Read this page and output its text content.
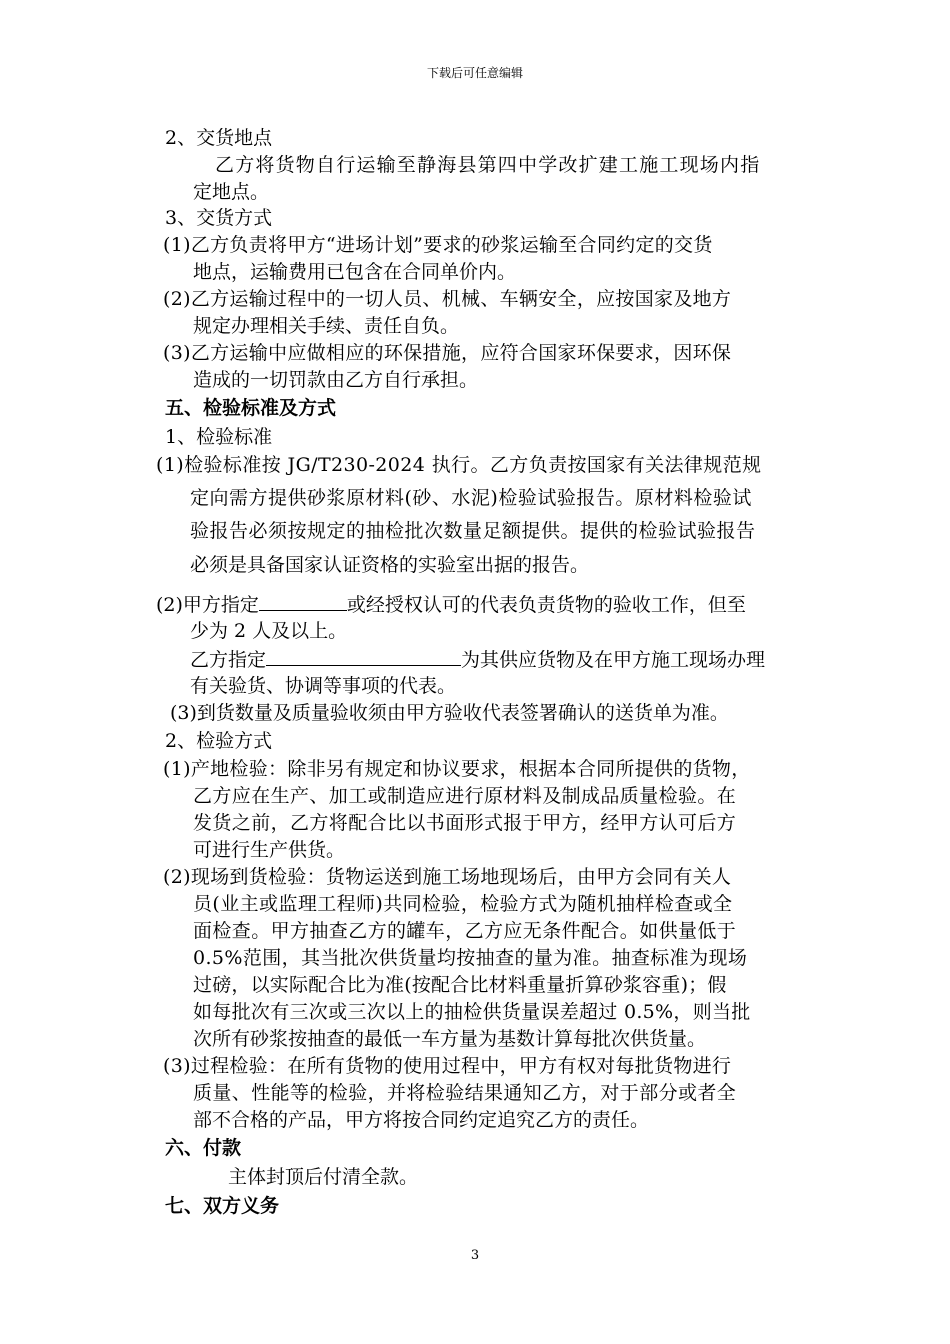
下载后可任意编辑
2、交货地点
乙方将货物自行运输至静海县第四中学改扩建工施工现场内指
定地点。
3、交货方式
(1)乙方负责将甲方“进场计划”要求的砂浆运输至合同约定的交货
地点，运输费用已包含在合同单价内。
(2)乙方运输过程中的一切人员、机械、车辆安全，应按国家及地方
规定办理相关手续、责任自负。
(3)乙方运输中应做相应的环保措施，应符合国家环保要求，因环保
造成的一切罚款由乙方自行承担。
五、检验标准及方式
1、检验标准
(1)检验标准按 JG/T230-2024 执行。乙方负责按国家有关法律规范规
定向需方提供砂浆原材料(砂、水泥)检验试验报告。原材料检验试
验报告必须按规定的抽检批次数量足额提供。提供的检验试验报告
必须是具备国家认证资格的实验室出据的报告。
(2)甲方指定	或经授权认可的代表负责货物的验收工作，但至
少为 2 人及以上。
乙方指定	为其供应货物及在甲方施工现场办理
有关验货、协调等事项的代表。
(3)到货数量及质量验收须由甲方验收代表签署确认的送货单为准。
2、检验方式
(1)产地检验：除非另有规定和协议要求，根据本合同所提供的货物，
乙方应在生产、加工或制造应进行原材料及制成品质量检验。在
发货之前，乙方将配合比以书面形式报于甲方，经甲方认可后方
可进行生产供货。
(2)现场到货检验：货物运送到施工场地现场后，由甲方会同有关人
员(业主或监理工程师)共同检验，检验方式为随机抽样检查或全
面检查。甲方抽查乙方的罐车，乙方应无条件配合。如供量低于
0.5%范围，其当批次供货量均按抽查的量为准。抽查标准为现场
过磅，以实际配合比为准(按配合比材料重量折算砂浆容重)；假
如每批次有三次或三次以上的抽检供货量误差超过 0.5%，则当批
次所有砂浆按抽查的最低一车方量为基数计算每批次供货量。
(3)过程检验：在所有货物的使用过程中，甲方有权对每批货物进行
质量、性能等的检验，并将检验结果通知乙方，对于部分或者全
部不合格的产品，甲方将按合同约定追究乙方的责任。
六、付款
主体封顶后付清全款。
七、双方义务
3
